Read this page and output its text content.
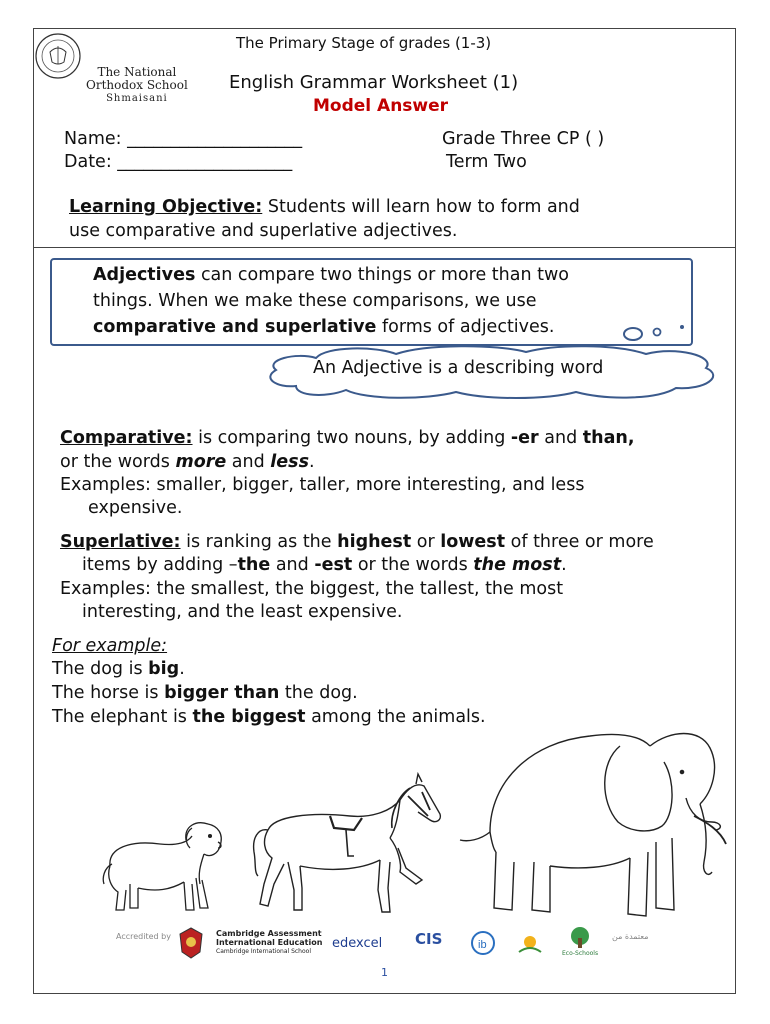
The National
Orthodox School
Shmaisani
The Primary Stage of grades (1-3)
English Grammar Worksheet (1)
Model Answer
Name: ____________________
Date: ____________________
Grade Three CP ( )
Term Two
Learning Objective: Students will learn how to form and
use comparative and superlative adjectives.

Adjectives can compare two things or more than two

things. When we make these comparisons, we use

comparative and superlative forms of adjectives.

An Adjective is a describing word
Comparative: is comparing two nouns, by adding -er and than,
or the words more and less.
Examples: smaller, bigger, taller, more interesting, and less
expensive.
Superlative: is ranking as the highest or lowest of three or more
items by adding –the and -est or the words the most.
Examples: the smallest, the biggest, the tallest, the most
interesting, and the least expensive.
For example:
The dog is big.
The horse is bigger than the dog.
The elephant is the biggest among the animals.
Accredited by	Cambridge Assessment
International Education
Cambridge International School
edexcel CIS	ib
Eco-Schools
معتمدة من
1
